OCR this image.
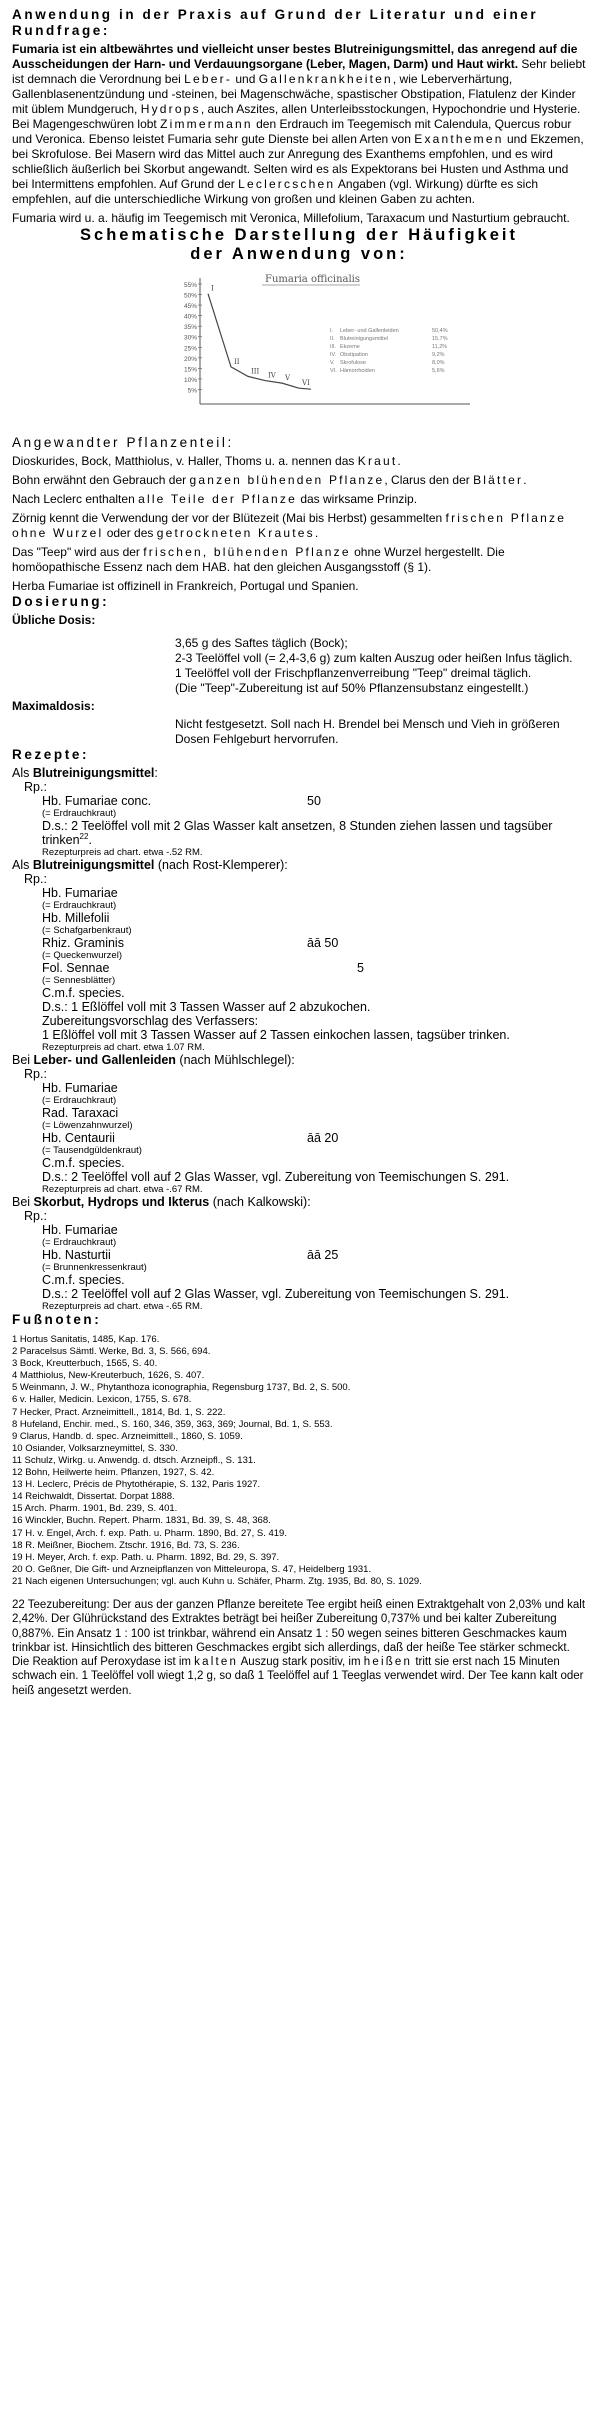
Anwendung in der Praxis auf Grund der Literatur und einer Rundfrage:

Fumaria ist ein altbewährtes und vielleicht unser bestes Blutreinigungsmittel, das anregend auf die Ausscheidungen der Harn- und Verdauungsorgane (Leber, Magen, Darm) und Haut wirkt. Sehr beliebt ist demnach die Verordnung bei Leber- und Gallenkrankheiten, wie Leberverhärtung, Gallenblasenentzündung und -steinen, bei Magenschwäche, spastischer Obstipation, Flatulenz der Kinder mit üblem Mundgeruch, Hydrops, auch Aszites, allen Unterleibsstockungen, Hypochondrie und Hysterie. Bei Magengeschwüren lobt Zimmermann den Erdrauch im Teegemisch mit Calendula, Quercus robur und Veronica. Ebenso leistet Fumaria sehr gute Dienste bei allen Arten von Exanthemen und Ekzemen, bei Skrofulose. Bei Masern wird das Mittel auch zur Anregung des Exanthems empfohlen, und es wird schließlich äußerlich bei Skorbut angewandt. Selten wird es als Expektorans bei Husten und Asthma und bei Intermittens empfohlen. Auf Grund der Leclercschen Angaben (vgl. Wirkung) dürfte es sich empfehlen, auf die unterschiedliche Wirkung von großen und kleinen Gaben zu achten.

Fumaria wird u. a. häufig im Teegemisch mit Veronica, Millefolium, Taraxacum und Nasturtium gebraucht.

Schematische Darstellung der Häufigkeit
der Anwendung von:
Fumaria officinalis
55%
50%
45%
40%
35%
30%
25%
20%
15%
10%
5%
I
II
III
IV V
VI
I. Leber- und Gallenleiden	50,4%
II. Blutreinigungsmittel	15,7%
III. Ekzeme	11,2%
IV. Obstipation	9,2%
V. Skrofulose	8,0%
VI. Hämorrhoiden	5,6%
Angewandter Pflanzenteil:

Dioskurides, Bock, Matthiolus, v. Haller, Thoms u. a. nennen das Kraut.

Bohn erwähnt den Gebrauch der ganzen blühenden Pflanze, Clarus den der Blätter.

Nach Leclerc enthalten alle Teile der Pflanze das wirksame Prinzip.

Zörnig kennt die Verwendung der vor der Blütezeit (Mai bis Herbst) gesammelten frischen Pflanze ohne Wurzel oder des getrockneten Krautes.

Das "Teep" wird aus der frischen, blühenden Pflanze ohne Wurzel hergestellt. Die homöopathische Essenz nach dem HAB. hat den gleichen Ausgangsstoff (§ 1).

Herba Fumariae ist offizinell in Frankreich, Portugal und Spanien.

Dosierung:

Übliche Dosis:

3,65 g des Saftes täglich (Bock);

2-3 Teelöffel voll (= 2,4-3,6 g) zum kalten Auszug oder heißen Infus täglich.

1 Teelöffel voll der Frischpflanzenverreibung "Teep" dreimal täglich.

(Die "Teep"-Zubereitung ist auf 50% Pflanzensubstanz eingestellt.)

Maximaldosis:

Nicht festgesetzt. Soll nach H. Brendel bei Mensch und Vieh in größeren Dosen Fehlgeburt hervorrufen.

Rezepte:

Als Blutreinigungsmittel:

Rp.:

Hb. Fumariae conc.	50

(= Erdrauchkraut)

D.s.: 2 Teelöffel voll mit 2 Glas Wasser kalt ansetzen, 8 Stunden ziehen lassen und tagsüber trinken$^{22}$.

Rezepturpreis ad chart. etwa -.52 RM.

Als Blutreinigungsmittel (nach Rost-Klemperer):

Rp.:

Hb. Fumariae

(= Erdrauchkraut)

Hb. Millefolii

(= Schafgarbenkraut)

Rhiz. Graminis	āā 50

(= Queckenwurzel)

Fol. Sennae	5

(= Sennesblätter)

C.m.f. species.

D.s.: 1 Eßlöffel voll mit 3 Tassen Wasser auf 2 abzukochen.

Zubereitungsvorschlag des Verfassers:

1 Eßlöffel voll mit 3 Tassen Wasser auf 2 Tassen einkochen lassen, tagsüber trinken.

Rezepturpreis ad chart. etwa 1.07 RM.

Bei Leber- und Gallenleiden (nach Mühlschlegel):

Rp.:

Hb. Fumariae

(= Erdrauchkraut)

Rad. Taraxaci

(= Löwenzahnwurzel)

Hb. Centaurii	āā 20

(= Tausendgüldenkraut)

C.m.f. species.

D.s.: 2 Teelöffel voll auf 2 Glas Wasser, vgl. Zubereitung von Teemischungen S. 291.

Rezepturpreis ad chart. etwa -.67 RM.

Bei Skorbut, Hydrops und Ikterus (nach Kalkowski):

Rp.:

Hb. Fumariae

(= Erdrauchkraut)

Hb. Nasturtii	āā 25

(= Brunnenkressenkraut)

C.m.f. species.

D.s.: 2 Teelöffel voll auf 2 Glas Wasser, vgl. Zubereitung von Teemischungen S. 291.

Rezepturpreis ad chart. etwa -.65 RM.

Fußnoten:

1 Hortus Sanitatis, 1485, Kap. 176.

2 Paracelsus Sämtl. Werke, Bd. 3, S. 566, 694.

3 Bock, Kreutterbuch, 1565, S. 40.

4 Matthiolus, New-Kreuterbuch, 1626, S. 407.

5 Weinmann, J. W., Phytanthoza iconographia, Regensburg 1737, Bd. 2, S. 500.

6 v. Haller, Medicin. Lexicon, 1755, S. 678.

7 Hecker, Pract. Arzneimittell., 1814, Bd. 1, S. 222.

8 Hufeland, Enchir. med., S. 160, 346, 359, 363, 369; Journal, Bd. 1, S. 553.

9 Clarus, Handb. d. spec. Arzneimittell., 1860, S. 1059.

10 Osiander, Volksarzneymittel, S. 330.

11 Schulz, Wirkg. u. Anwendg. d. dtsch. Arzneipfl., S. 131.

12 Bohn, Heilwerte heim. Pflanzen, 1927, S. 42.

13 H. Leclerc, Précis de Phytothérapie, S. 132, Paris 1927.

14 Reichwaldt, Dissertat. Dorpat 1888.

15 Arch. Pharm. 1901, Bd. 239, S. 401.

16 Winckler, Buchn. Repert. Pharm. 1831, Bd. 39, S. 48, 368.

17 H. v. Engel, Arch. f. exp. Path. u. Pharm. 1890, Bd. 27, S. 419.

18 R. Meißner, Biochem. Ztschr. 1916, Bd. 73, S. 236.

19 H. Meyer, Arch. f. exp. Path. u. Pharm. 1892, Bd. 29, S. 397.

20 O. Geßner, Die Gift- und Arzneipflanzen von Mitteleuropa, S. 47, Heidelberg 1931.

21 Nach eigenen Untersuchungen; vgl. auch Kuhn u. Schäfer, Pharm. Ztg. 1935, Bd. 80, S. 1029.

22 Teezubereitung: Der aus der ganzen Pflanze bereitete Tee ergibt heiß einen Extraktgehalt von 2,03% und kalt 2,42%. Der Glührückstand des Extraktes beträgt bei heißer Zubereitung 0,737% und bei kalter Zubereitung 0,887%. Ein Ansatz 1 : 100 ist trinkbar, während ein Ansatz 1 : 50 wegen seines bitteren Geschmackes kaum trinkbar ist. Hinsichtlich des bitteren Geschmackes ergibt sich allerdings, daß der heiße Tee stärker schmeckt. Die Reaktion auf Peroxydase ist im kalten Auszug stark positiv, im heißen tritt sie erst nach 15 Minuten schwach ein. 1 Teelöffel voll wiegt 1,2 g, so daß 1 Teelöffel auf 1 Teeglas verwendet wird. Der Tee kann kalt oder heiß angesetzt werden.
